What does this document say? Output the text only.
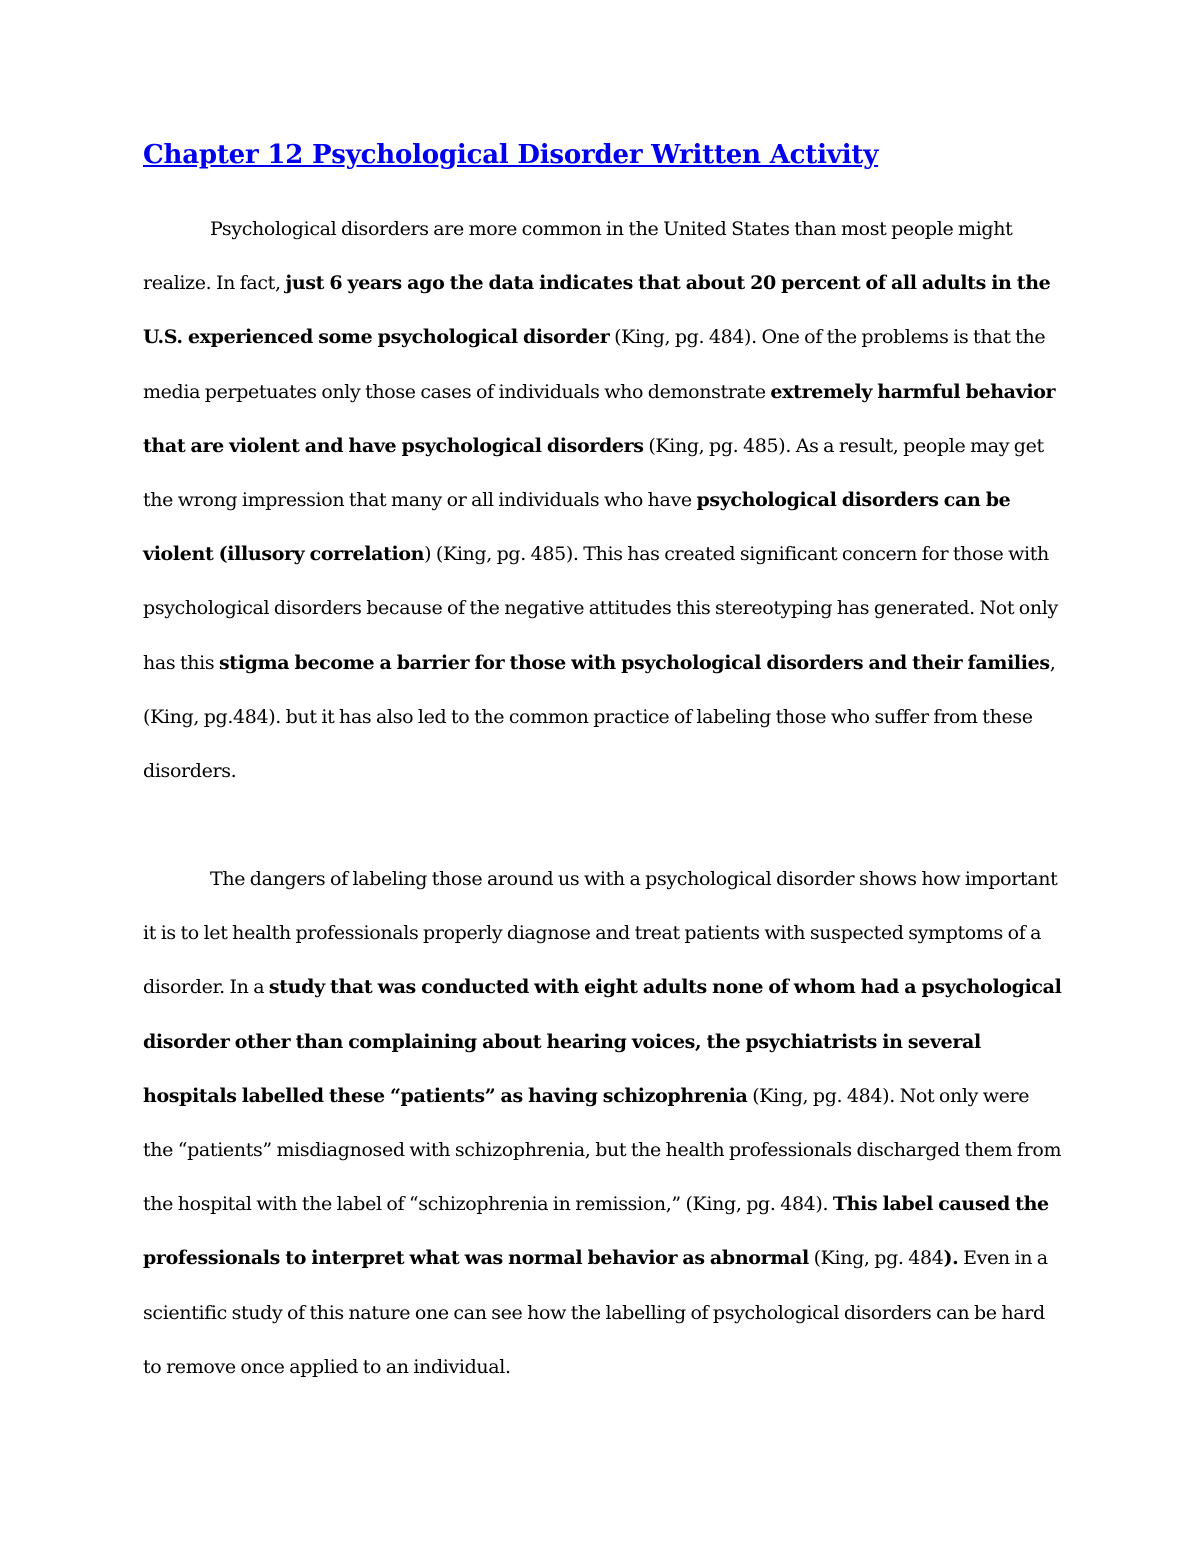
Chapter 12 Psychological Disorder Written Activity

Psychological disorders are more common in the United States than most people might realize. In fact, just 6 years ago the data indicates that about 20 percent of all adults in the U.S. experienced some psychological disorder (King, pg. 484). One of the problems is that the media perpetuates only those cases of individuals who demonstrate extremely harmful behavior that are violent and have psychological disorders (King, pg. 485). As a result, people may get the wrong impression that many or all individuals who have psychological disorders can be violent (illusory correlation) (King, pg. 485). This has created significant concern for those with psychological disorders because of the negative attitudes this stereotyping has generated. Not only has this stigma become a barrier for those with psychological disorders and their families, (King, pg.484). but it has also led to the common practice of labeling those who suffer from these disorders.

The dangers of labeling those around us with a psychological disorder shows how important it is to let health professionals properly diagnose and treat patients with suspected symptoms of a disorder. In a study that was conducted with eight adults none of whom had a psychological disorder other than complaining about hearing voices, the psychiatrists in several hospitals labelled these “patients” as having schizophrenia (King, pg. 484). Not only were the “patients” misdiagnosed with schizophrenia, but the health professionals discharged them from the hospital with the label of “schizophrenia in remission,” (King, pg. 484). This label caused the professionals to interpret what was normal behavior as abnormal (King, pg. 484). Even in a scientific study of this nature one can see how the labelling of psychological disorders can be hard to remove once applied to an individual.
